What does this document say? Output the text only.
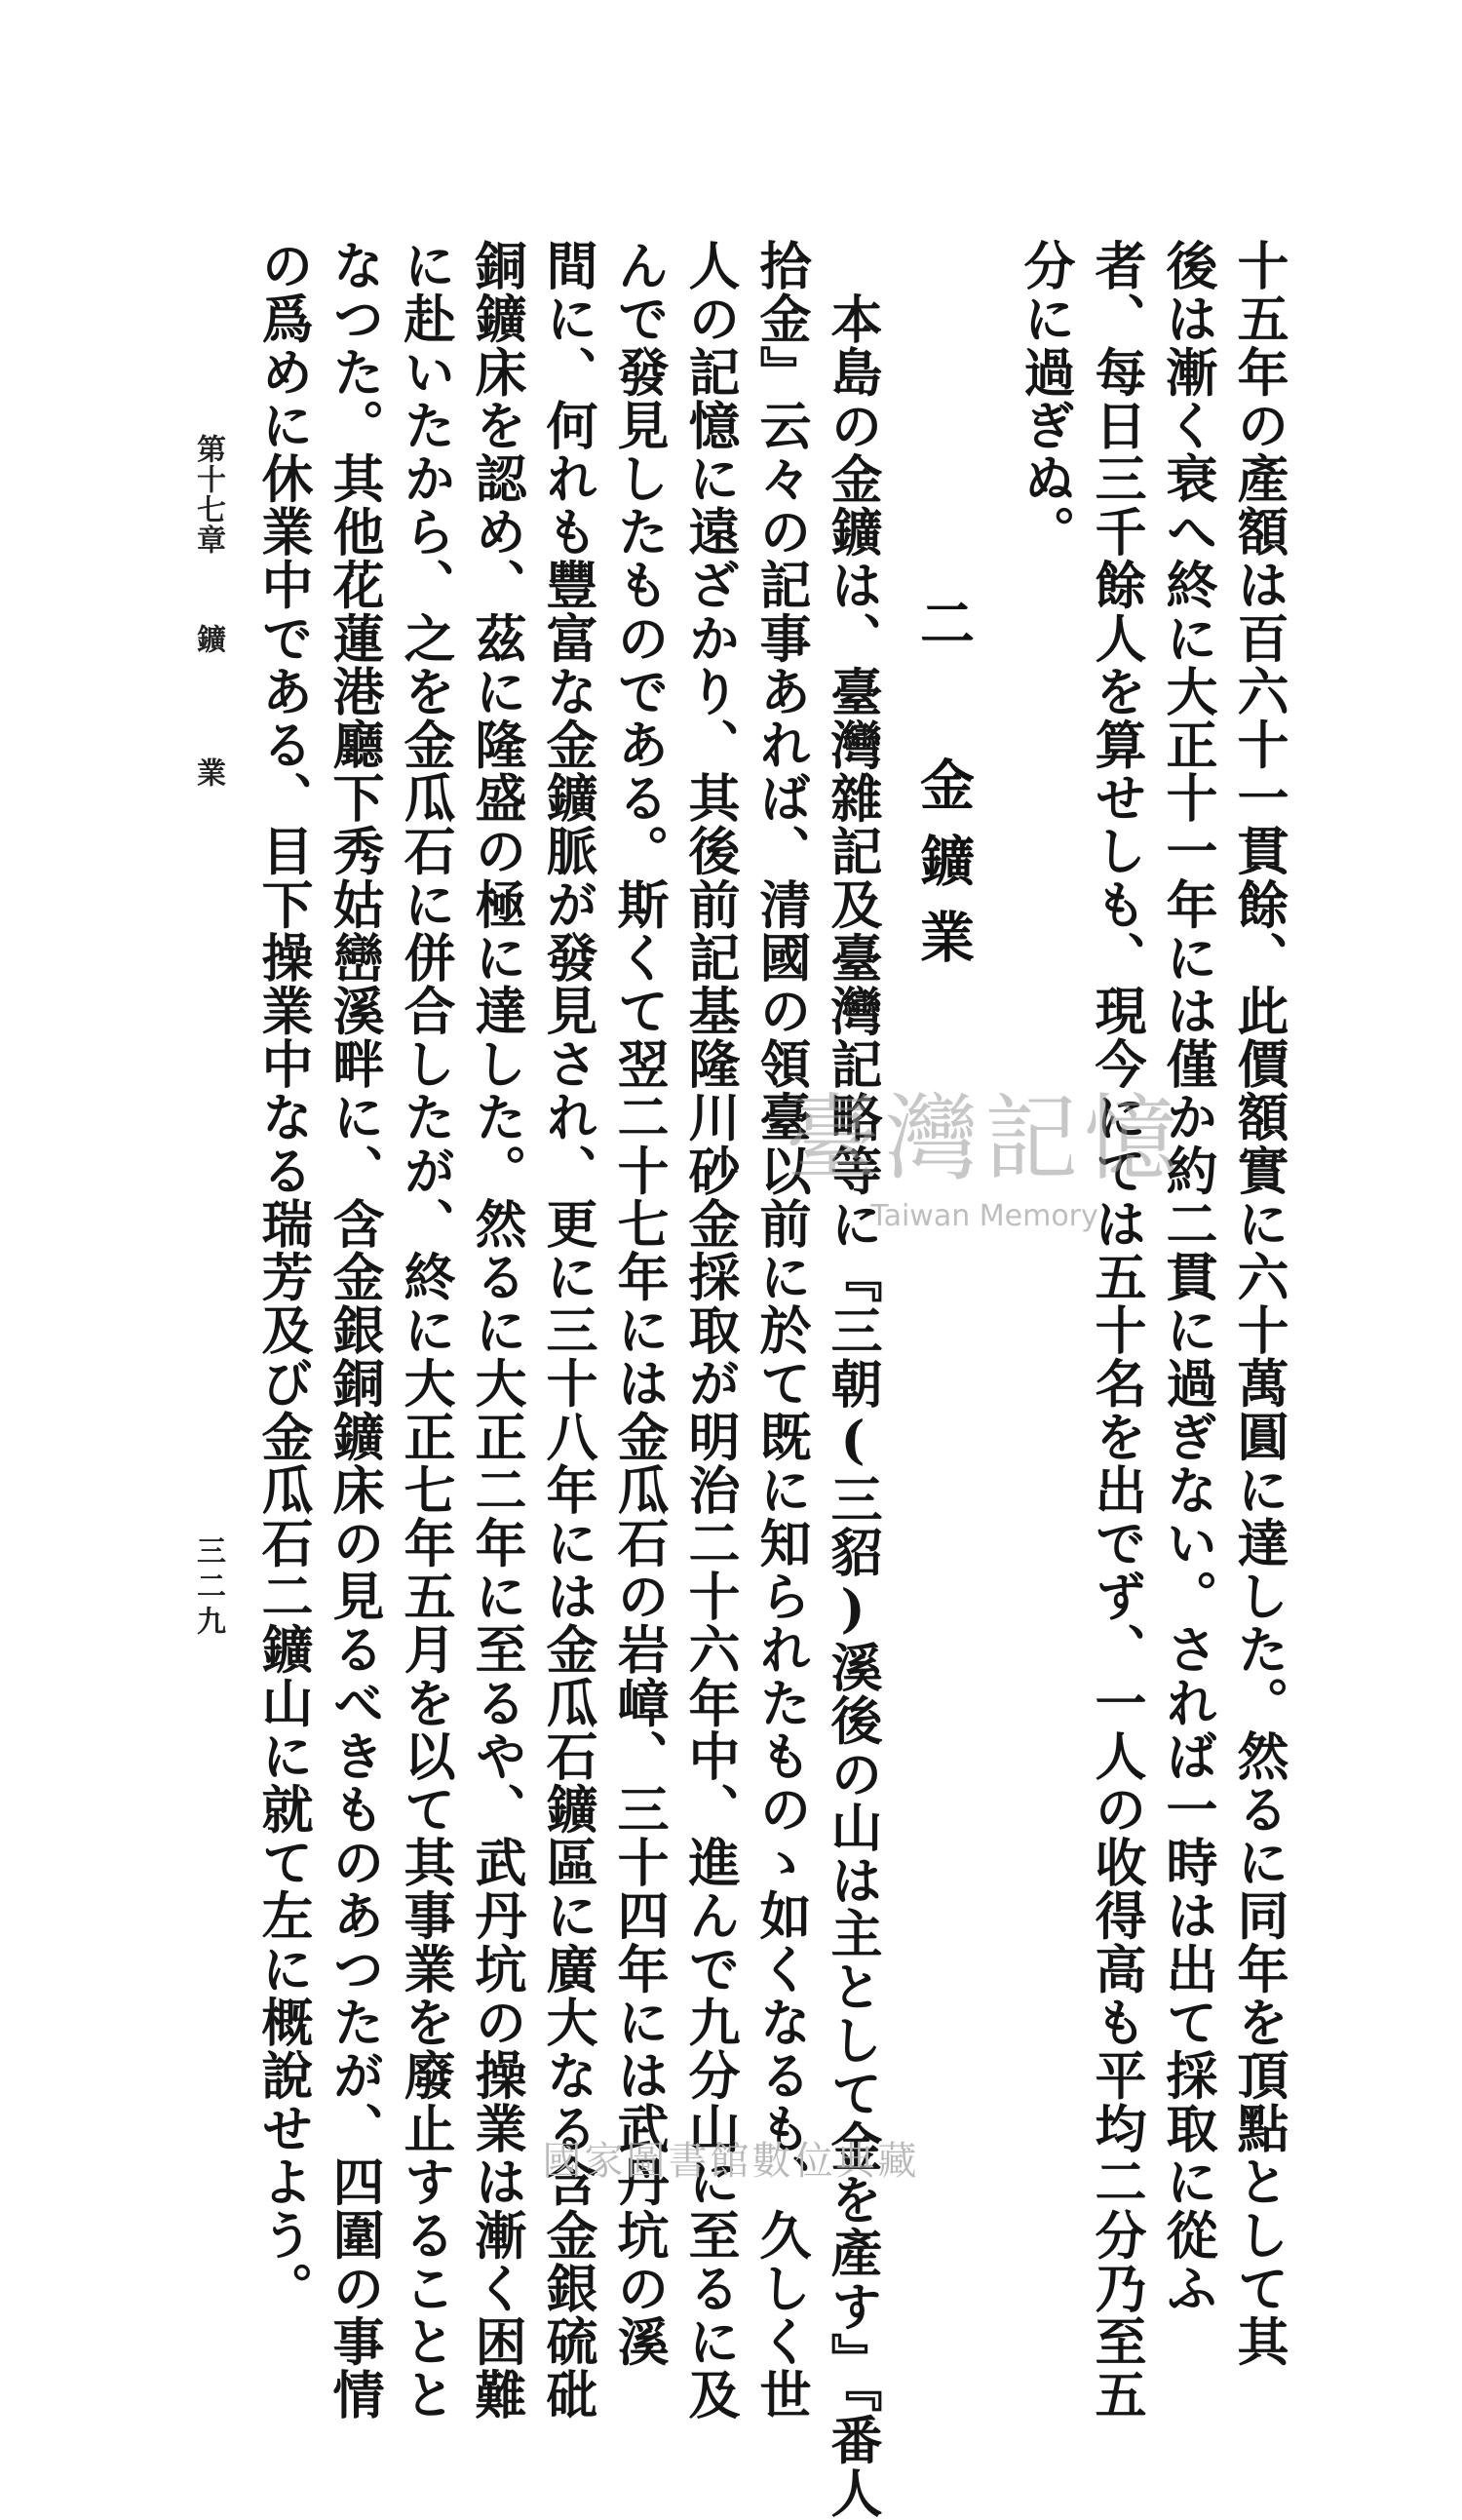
十五年の產額は百六十一貫餘、此價額實に六十萬圓に達した。然るに同年を頂點として其
後は漸く衰へ終に大正十一年には僅か約二貫に過ぎない。されば一時は出て採取に從ふ
者、每日三千餘人を算せしも、現今にては五十名を出でず、一人の收得高も平均二分乃至五
分に過ぎぬ。
二 金鑛業
本島の金鑛は、臺灣雜記及臺灣記略等に『三朝(三貂)溪後の山は主として金を產す』『番人
拾金』云々の記事あれば、清國の領臺以前に於て既に知られたものゝ如くなるも、久しく世
人の記憶に遠ざかり、其後前記基隆川砂金採取が明治二十六年中、進んで九分山に至るに及
んで發見したものである。斯くて翌二十七年には金瓜石の岩嶂、三十四年には武丹坑の溪
間に、何れも豐富な金鑛脈が發見され、更に三十八年には金瓜石鑛區に廣大なる含金銀硫砒
銅鑛床を認め、茲に隆盛の極に達した。然るに大正二年に至るや、武丹坑の操業は漸く困難
に赴いたから、之を金瓜石に併合したが、終に大正七年五月を以て其事業を廢止することと
なつた。其他花蓮港廳下秀姑巒溪畔に、含金銀銅鑛床の見るべきものあつたが、四圍の事情
の爲めに休業中である、目下操業中なる瑞芳及び金瓜石二鑛山に就て左に概說せよう。
第十七章
鑛 業
三二九
臺灣記憶
Taiwan Memory
國家圖書館數位典藏
